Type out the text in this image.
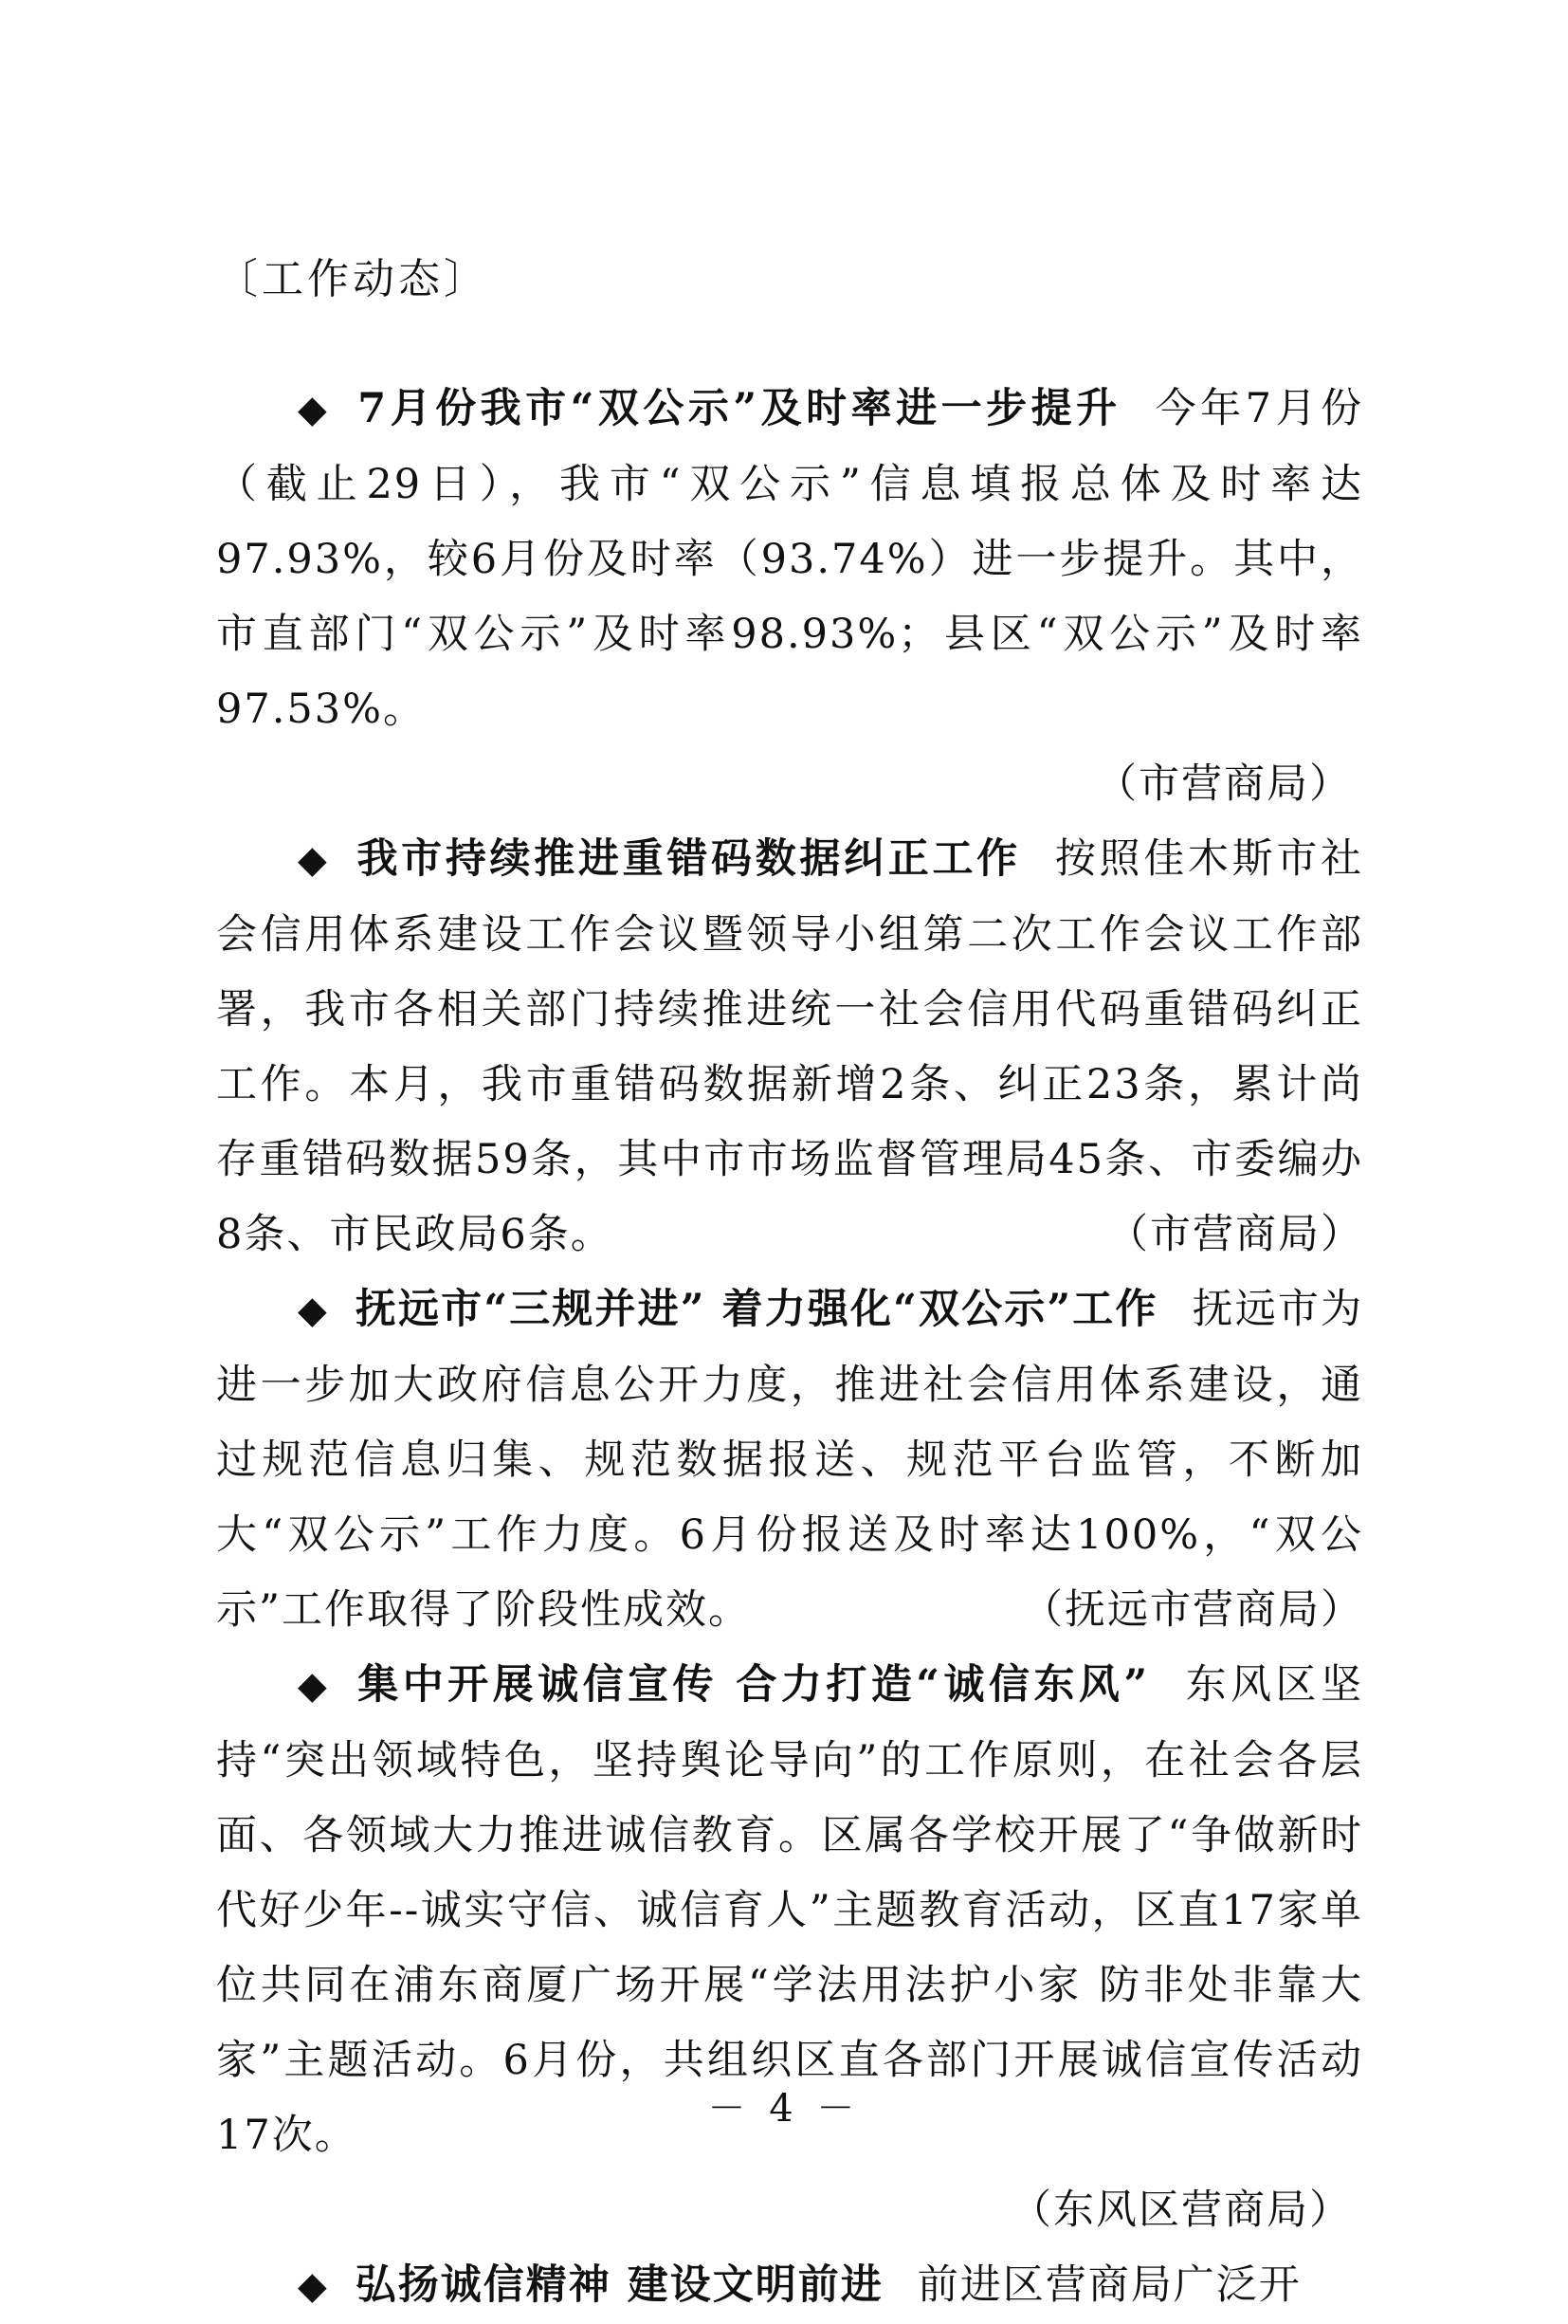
〔工作动态〕

◆ 7月份我市“双公示”及时率进一步提升 今年7月份（截止29日），我市“双公示”信息填报总体及时率达97.93%，较6月份及时率（93.74%）进一步提升。其中，市直部门“双公示”及时率98.93%；县区“双公示”及时率97.53%。
（市营商局）

◆ 我市持续推进重错码数据纠正工作 按照佳木斯市社会信用体系建设工作会议暨领导小组第二次工作会议工作部署，我市各相关部门持续推进统一社会信用代码重错码纠正工作。本月，我市重错码数据新增2条、纠正23条，累计尚存重错码数据59条，其中市市场监督管理局45条、市委编办8条、市民政局6条。	（市营商局）

◆ 抚远市“三规并进” 着力强化“双公示”工作 抚远市为进一步加大政府信息公开力度，推进社会信用体系建设，通过规范信息归集、规范数据报送、规范平台监管，不断加大“双公示”工作力度。6月份报送及时率达100%，“双公示”工作取得了阶段性成效。	（抚远市营商局）

◆ 集中开展诚信宣传 合力打造“诚信东风” 东风区坚持“突出领域特色，坚持舆论导向”的工作原则，在社会各层面、各领域大力推进诚信教育。区属各学校开展了“争做新时代好少年--诚实守信、诚信育人”主题教育活动，区直17家单位共同在浦东商厦广场开展“学法用法护小家 防非处非靠大家”主题活动。6月份，共组织区直各部门开展诚信宣传活动17次。
（东风区营商局）

◆ 弘扬诚信精神 建设文明前进 前进区营商局广泛开

－ 4 －
